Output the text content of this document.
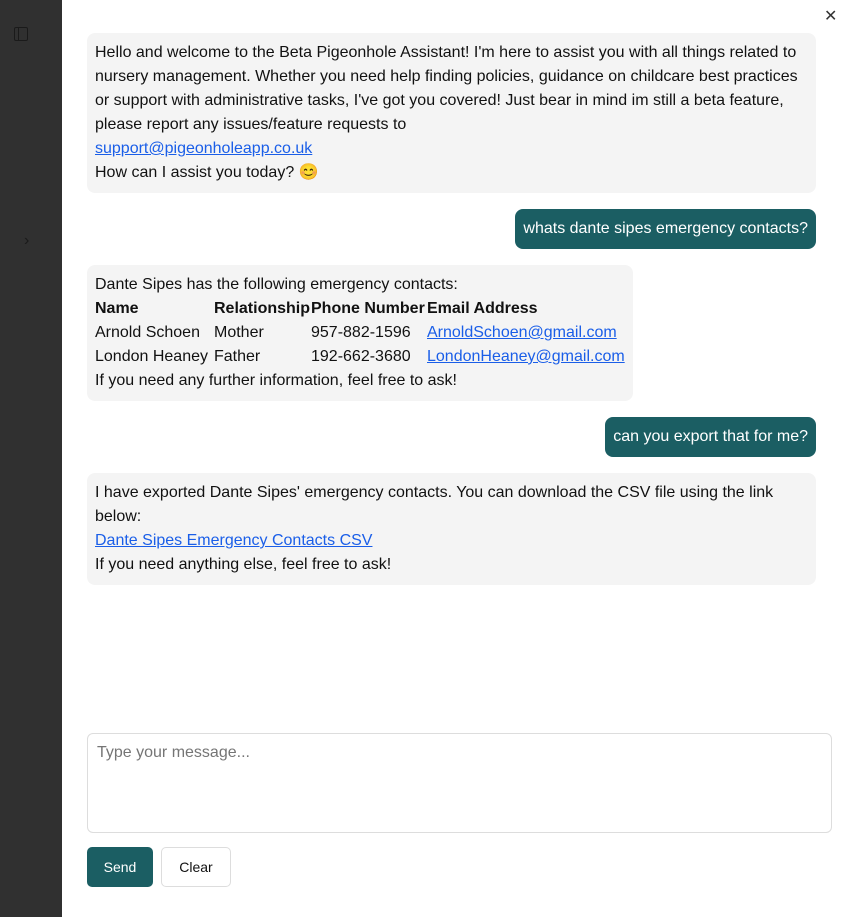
›
✕
Hello and welcome to the Beta Pigeonhole Assistant! I'm here to assist you with all things related to nursery management. Whether you need help finding policies, guidance on childcare best practices or support with administrative tasks, I've got you covered! Just bear in mind im still a beta feature, please report any issues/feature requests to
support@pigeonholeapp.co.uk
How can I assist you today? 😊
whats dante sipes emergency contacts?
Dante Sipes has the following emergency contacts:
Name	Relationship	Phone Number	Email Address
Arnold Schoen	Mother	957-882-1596	ArnoldSchoen@gmail.com
London Heaney	Father	192-662-3680	LondonHeaney@gmail.com
If you need any further information, feel free to ask!
can you export that for me?
I have exported Dante Sipes' emergency contacts. You can download the CSV file using the link below:
Dante Sipes Emergency Contacts CSV
If you need anything else, feel free to ask!
Type your message...
Send	Clear
